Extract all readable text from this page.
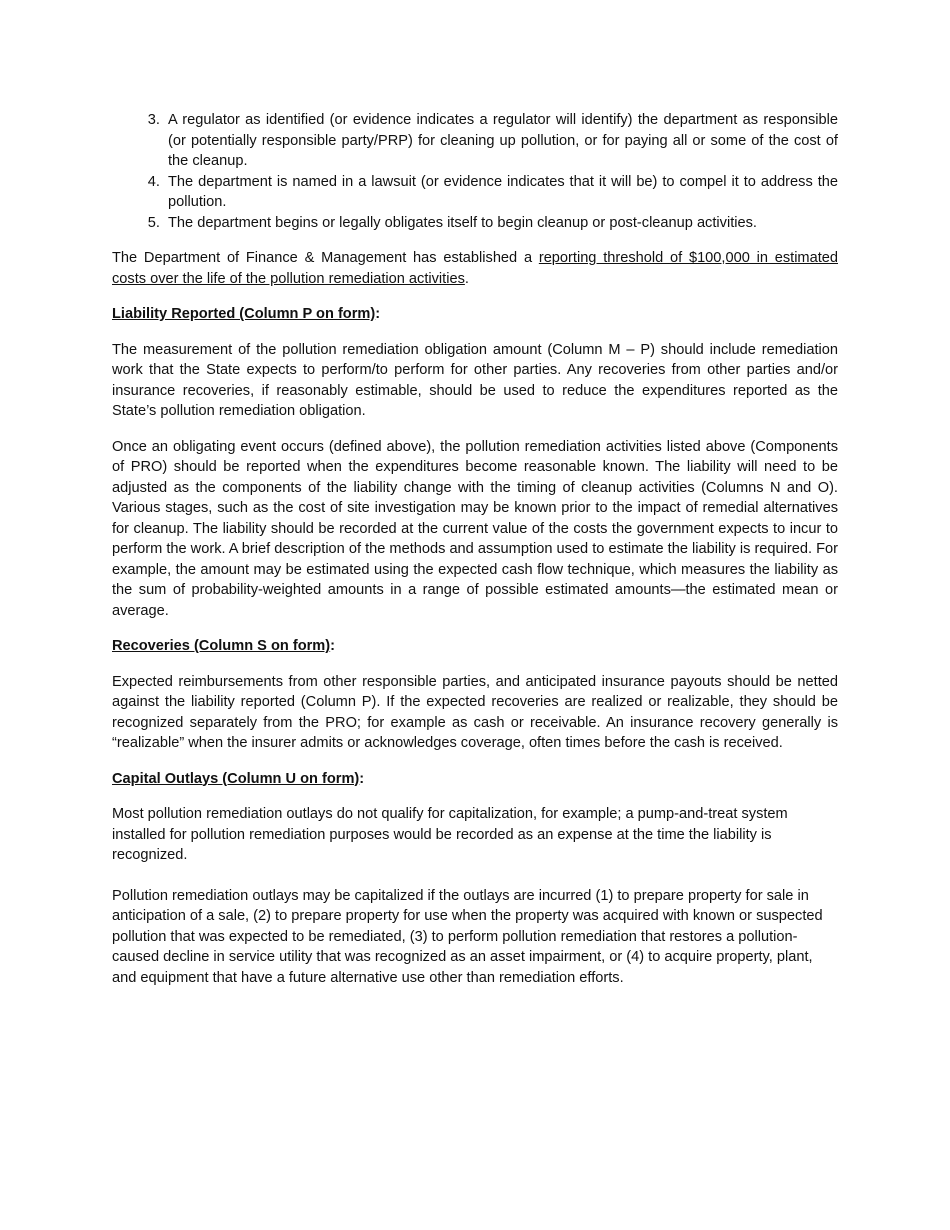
3. A regulator as identified (or evidence indicates a regulator will identify) the department as responsible (or potentially responsible party/PRP) for cleaning up pollution, or for paying all or some of the cost of the cleanup.
4. The department is named in a lawsuit (or evidence indicates that it will be) to compel it to address the pollution.
5. The department begins or legally obligates itself to begin cleanup or post-cleanup activities.

The Department of Finance & Management has established a reporting threshold of $100,000 in estimated costs over the life of the pollution remediation activities.

Liability Reported (Column P on form):

The measurement of the pollution remediation obligation amount (Column M – P) should include remediation work that the State expects to perform/to perform for other parties. Any recoveries from other parties and/or insurance recoveries, if reasonably estimable, should be used to reduce the expenditures reported as the State’s pollution remediation obligation.

Once an obligating event occurs (defined above), the pollution remediation activities listed above (Components of PRO) should be reported when the expenditures become reasonable known. The liability will need to be adjusted as the components of the liability change with the timing of cleanup activities (Columns N and O). Various stages, such as the cost of site investigation may be known prior to the impact of remedial alternatives for cleanup. The liability should be recorded at the current value of the costs the government expects to incur to perform the work. A brief description of the methods and assumption used to estimate the liability is required. For example, the amount may be estimated using the expected cash flow technique, which measures the liability as the sum of probability-weighted amounts in a range of possible estimated amounts—the estimated mean or average.

Recoveries (Column S on form):

Expected reimbursements from other responsible parties, and anticipated insurance payouts should be netted against the liability reported (Column P). If the expected recoveries are realized or realizable, they should be recognized separately from the PRO; for example as cash or receivable. An insurance recovery generally is “realizable” when the insurer admits or acknowledges coverage, often times before the cash is received.

Capital Outlays (Column U on form):

Most pollution remediation outlays do not qualify for capitalization, for example; a pump-and-treat system installed for pollution remediation purposes would be recorded as an expense at the time the liability is recognized.

Pollution remediation outlays may be capitalized if the outlays are incurred (1) to prepare property for sale in anticipation of a sale, (2) to prepare property for use when the property was acquired with known or suspected pollution that was expected to be remediated, (3) to perform pollution remediation that restores a pollution-caused decline in service utility that was recognized as an asset impairment, or (4) to acquire property, plant, and equipment that have a future alternative use other than remediation efforts.
